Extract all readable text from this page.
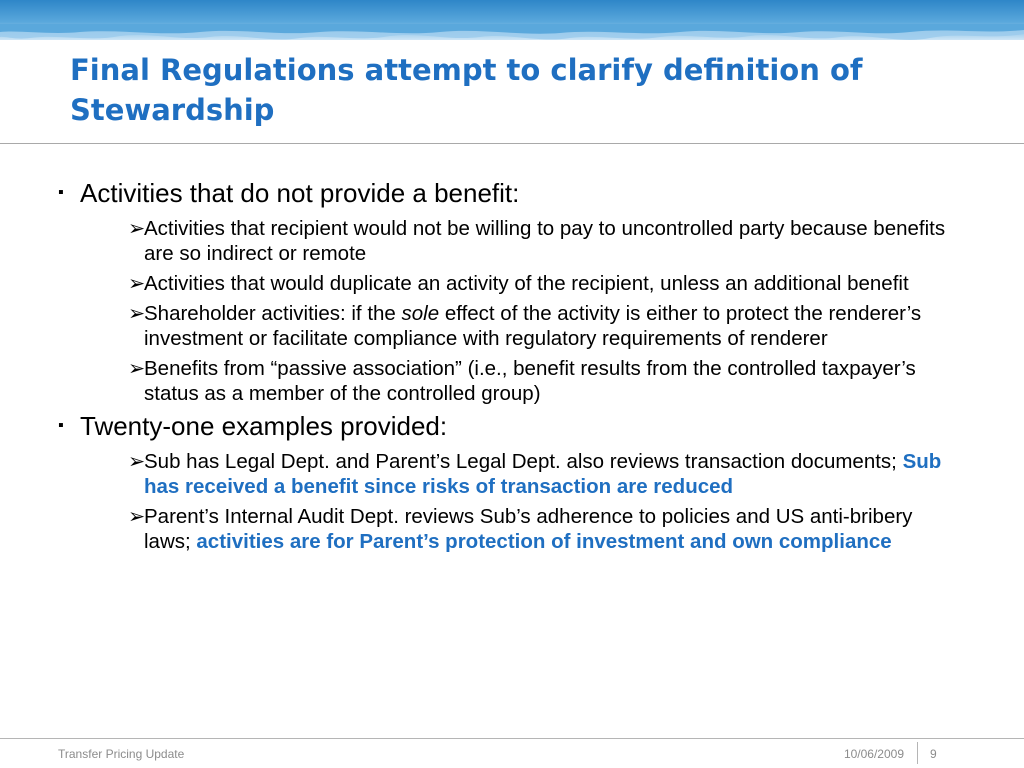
Final Regulations attempt to clarify definition of Stewardship
▪ Activities that do not provide a benefit:
➢
Activities that recipient would not be willing to pay to uncontrolled party because benefits are so indirect or remote
➢
Activities that would duplicate an activity of the recipient, unless an additional benefit
➢
Shareholder activities: if the sole effect of the activity is either to protect the renderer’s investment or facilitate compliance with regulatory requirements of renderer
➢
Benefits from “passive association” (i.e., benefit results from the controlled taxpayer’s status as a member of the controlled group)
▪ Twenty-one examples provided:
➢
Sub has Legal Dept. and Parent’s Legal Dept. also reviews transaction documents; Sub has received a benefit since risks of transaction are reduced
➢
Parent’s Internal Audit Dept. reviews Sub’s adherence to policies and US anti-bribery laws; activities are for Parent’s protection of investment and own compliance
Transfer Pricing Update	10/06/2009 9
